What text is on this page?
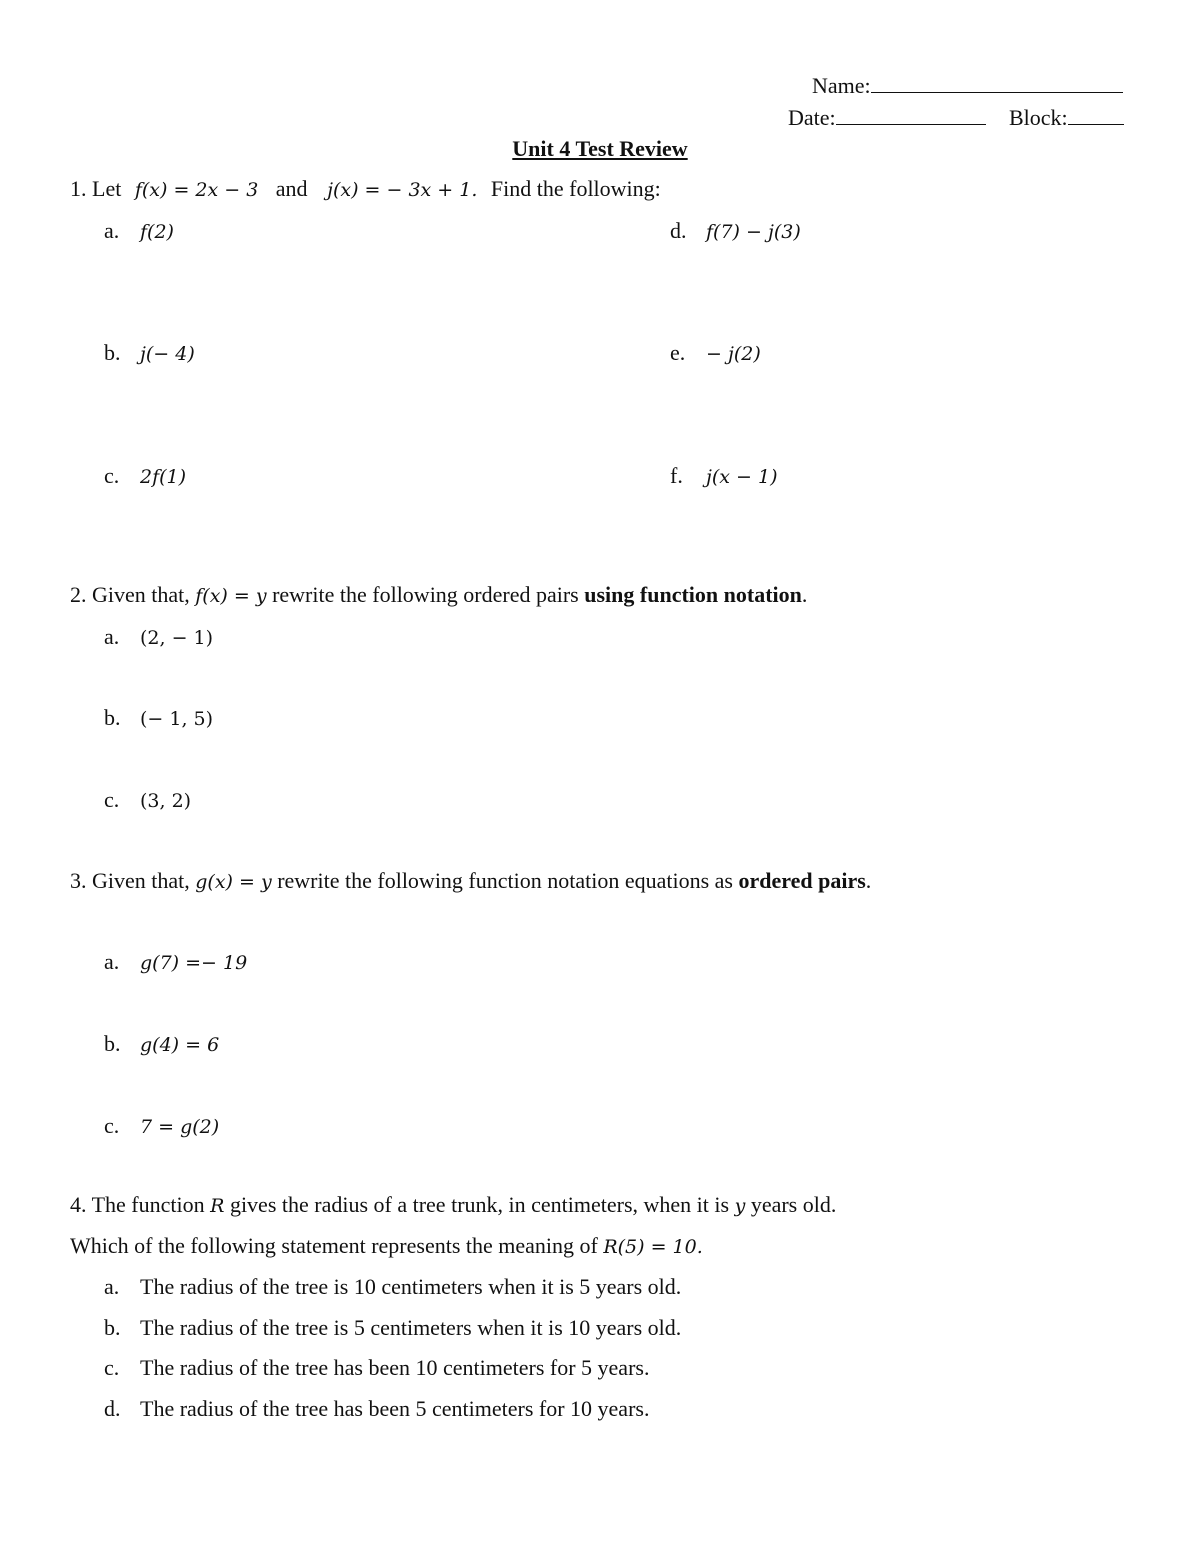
Name:
Date:	Block:
Unit 4 Test Review
1. Let f(x) = 2x − 3 and j(x) = − 3x + 1. Find the following:
a. f(2)
b. j(− 4)
c. 2f(1)
d. f(7) − j(3)
e. − j(2)
f. j(x − 1)
2. Given that, f(x) = y rewrite the following ordered pairs using function notation.
a. (2, − 1)
b. (− 1, 5)
c. (3, 2)
3. Given that, g(x) = y rewrite the following function notation equations as ordered pairs.
a. g(7) =− 19
b. g(4) = 6
c. 7 = g(2)
4. The function R gives the radius of a tree trunk, in centimeters, when it is y years old.
Which of the following statement represents the meaning of R(5) = 10.
a. The radius of the tree is 10 centimeters when it is 5 years old.
b. The radius of the tree is 5 centimeters when it is 10 years old.
c. The radius of the tree has been 10 centimeters for 5 years.
d. The radius of the tree has been 5 centimeters for 10 years.
